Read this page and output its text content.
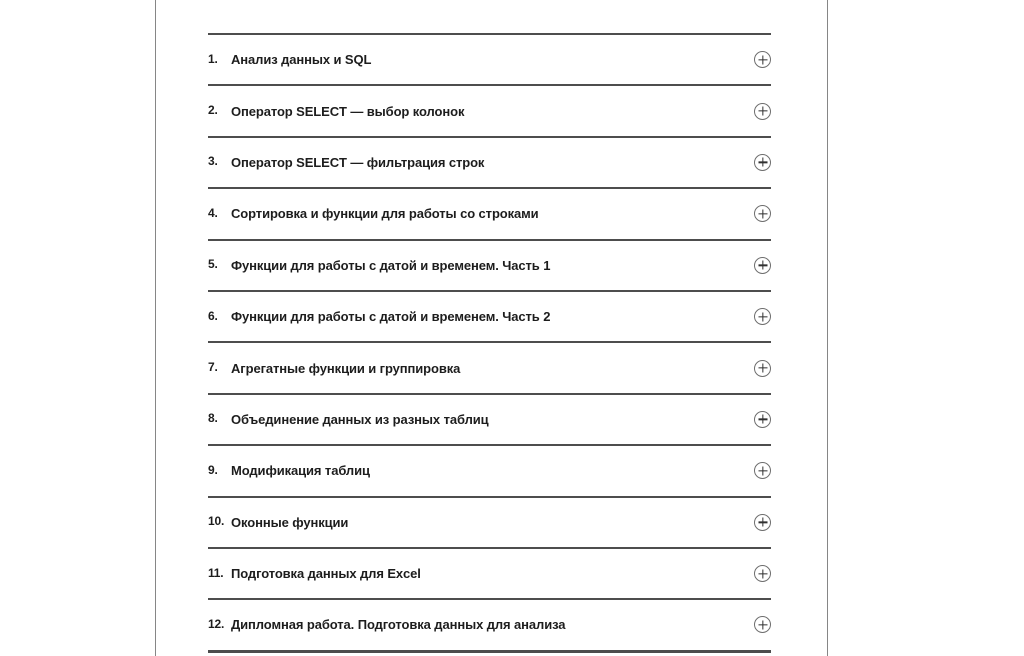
1.	Анализ данных и SQL
2.	Оператор SELECT — выбор колонок
3.	Оператор SELECT — фильтрация строк
4.	Сортировка и функции для работы со строками
5.	Функции для работы с датой и временем. Часть 1
6.	Функции для работы с датой и временем. Часть 2
7.	Агрегатные функции и группировка
8.	Объединение данных из разных таблиц
9.	Модификация таблиц
10. Оконные функции
11. Подготовка данных для Excel
12. Дипломная работа. Подготовка данных для анализа
